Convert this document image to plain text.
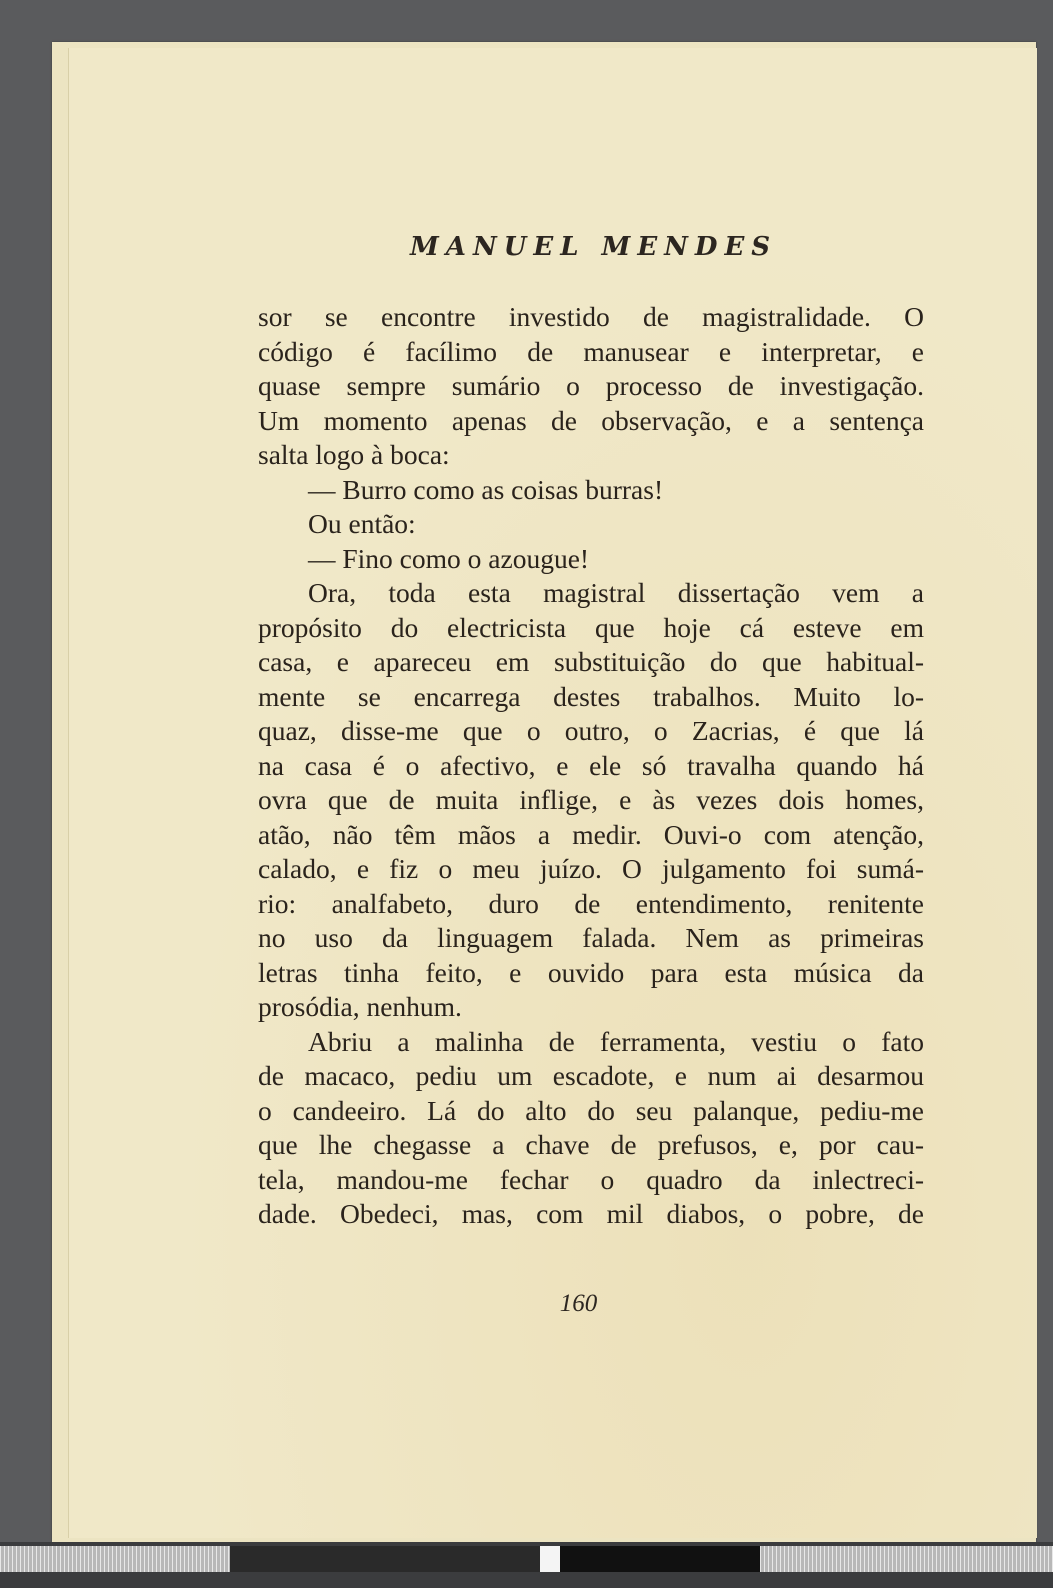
MANUEL MENDES
sor se encontre investido de magistralidade. O
código é facílimo de manusear e interpretar, e
quase sempre sumário o processo de investigação.
Um momento apenas de observação, e a sentença
salta logo à boca:
— Burro como as coisas burras!
Ou então:
— Fino como o azougue!
Ora, toda esta magistral dissertação vem a
propósito do electricista que hoje cá esteve em
casa, e apareceu em substituição do que habitual-
mente se encarrega destes trabalhos. Muito lo-
quaz, disse-me que o outro, o Zacrias, é que lá
na casa é o afectivo, e ele só travalha quando há
ovra que de muita inflige, e às vezes dois homes,
atão, não têm mãos a medir. Ouvi-o com atenção,
calado, e fiz o meu juízo. O julgamento foi sumá-
rio: analfabeto, duro de entendimento, renitente
no uso da linguagem falada. Nem as primeiras
letras tinha feito, e ouvido para esta música da
prosódia, nenhum.
Abriu a malinha de ferramenta, vestiu o fato
de macaco, pediu um escadote, e num ai desarmou
o candeeiro. Lá do alto do seu palanque, pediu-me
que lhe chegasse a chave de prefusos, e, por cau-
tela, mandou-me fechar o quadro da inlectreci-
dade. Obedeci, mas, com mil diabos, o pobre, de
160
